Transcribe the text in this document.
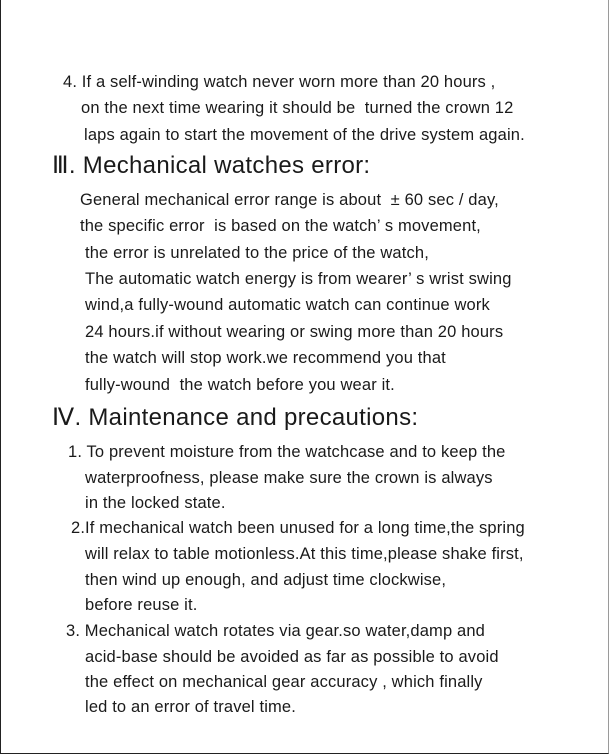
4. If a self-winding watch never worn more than 20 hours ,
on the next time wearing it should be  turned the crown 12
laps again to start the movement of the drive system again.
Ⅲ. Mechanical watches error:
General mechanical error range is about  ± 60 sec / day,
the specific error  is based on the watch’ s movement,
the error is unrelated to the price of the watch,
The automatic watch energy is from wearer’ s wrist swing
wind,a fully-wound automatic watch can continue work
24 hours.if without wearing or swing more than 20 hours
the watch will stop work.we recommend you that
fully-wound  the watch before you wear it.
Ⅳ. Maintenance and precautions:
1. To prevent moisture from the watchcase and to keep the
waterproofness, please make sure the crown is always
in the locked state.
2.If mechanical watch been unused for a long time,the spring
will relax to table motionless.At this time,please shake first,
then wind up enough, and adjust time clockwise,
before reuse it.
3. Mechanical watch rotates via gear.so water,damp and
acid-base should be avoided as far as possible to avoid
the effect on mechanical gear accuracy , which finally
led to an error of travel time.
